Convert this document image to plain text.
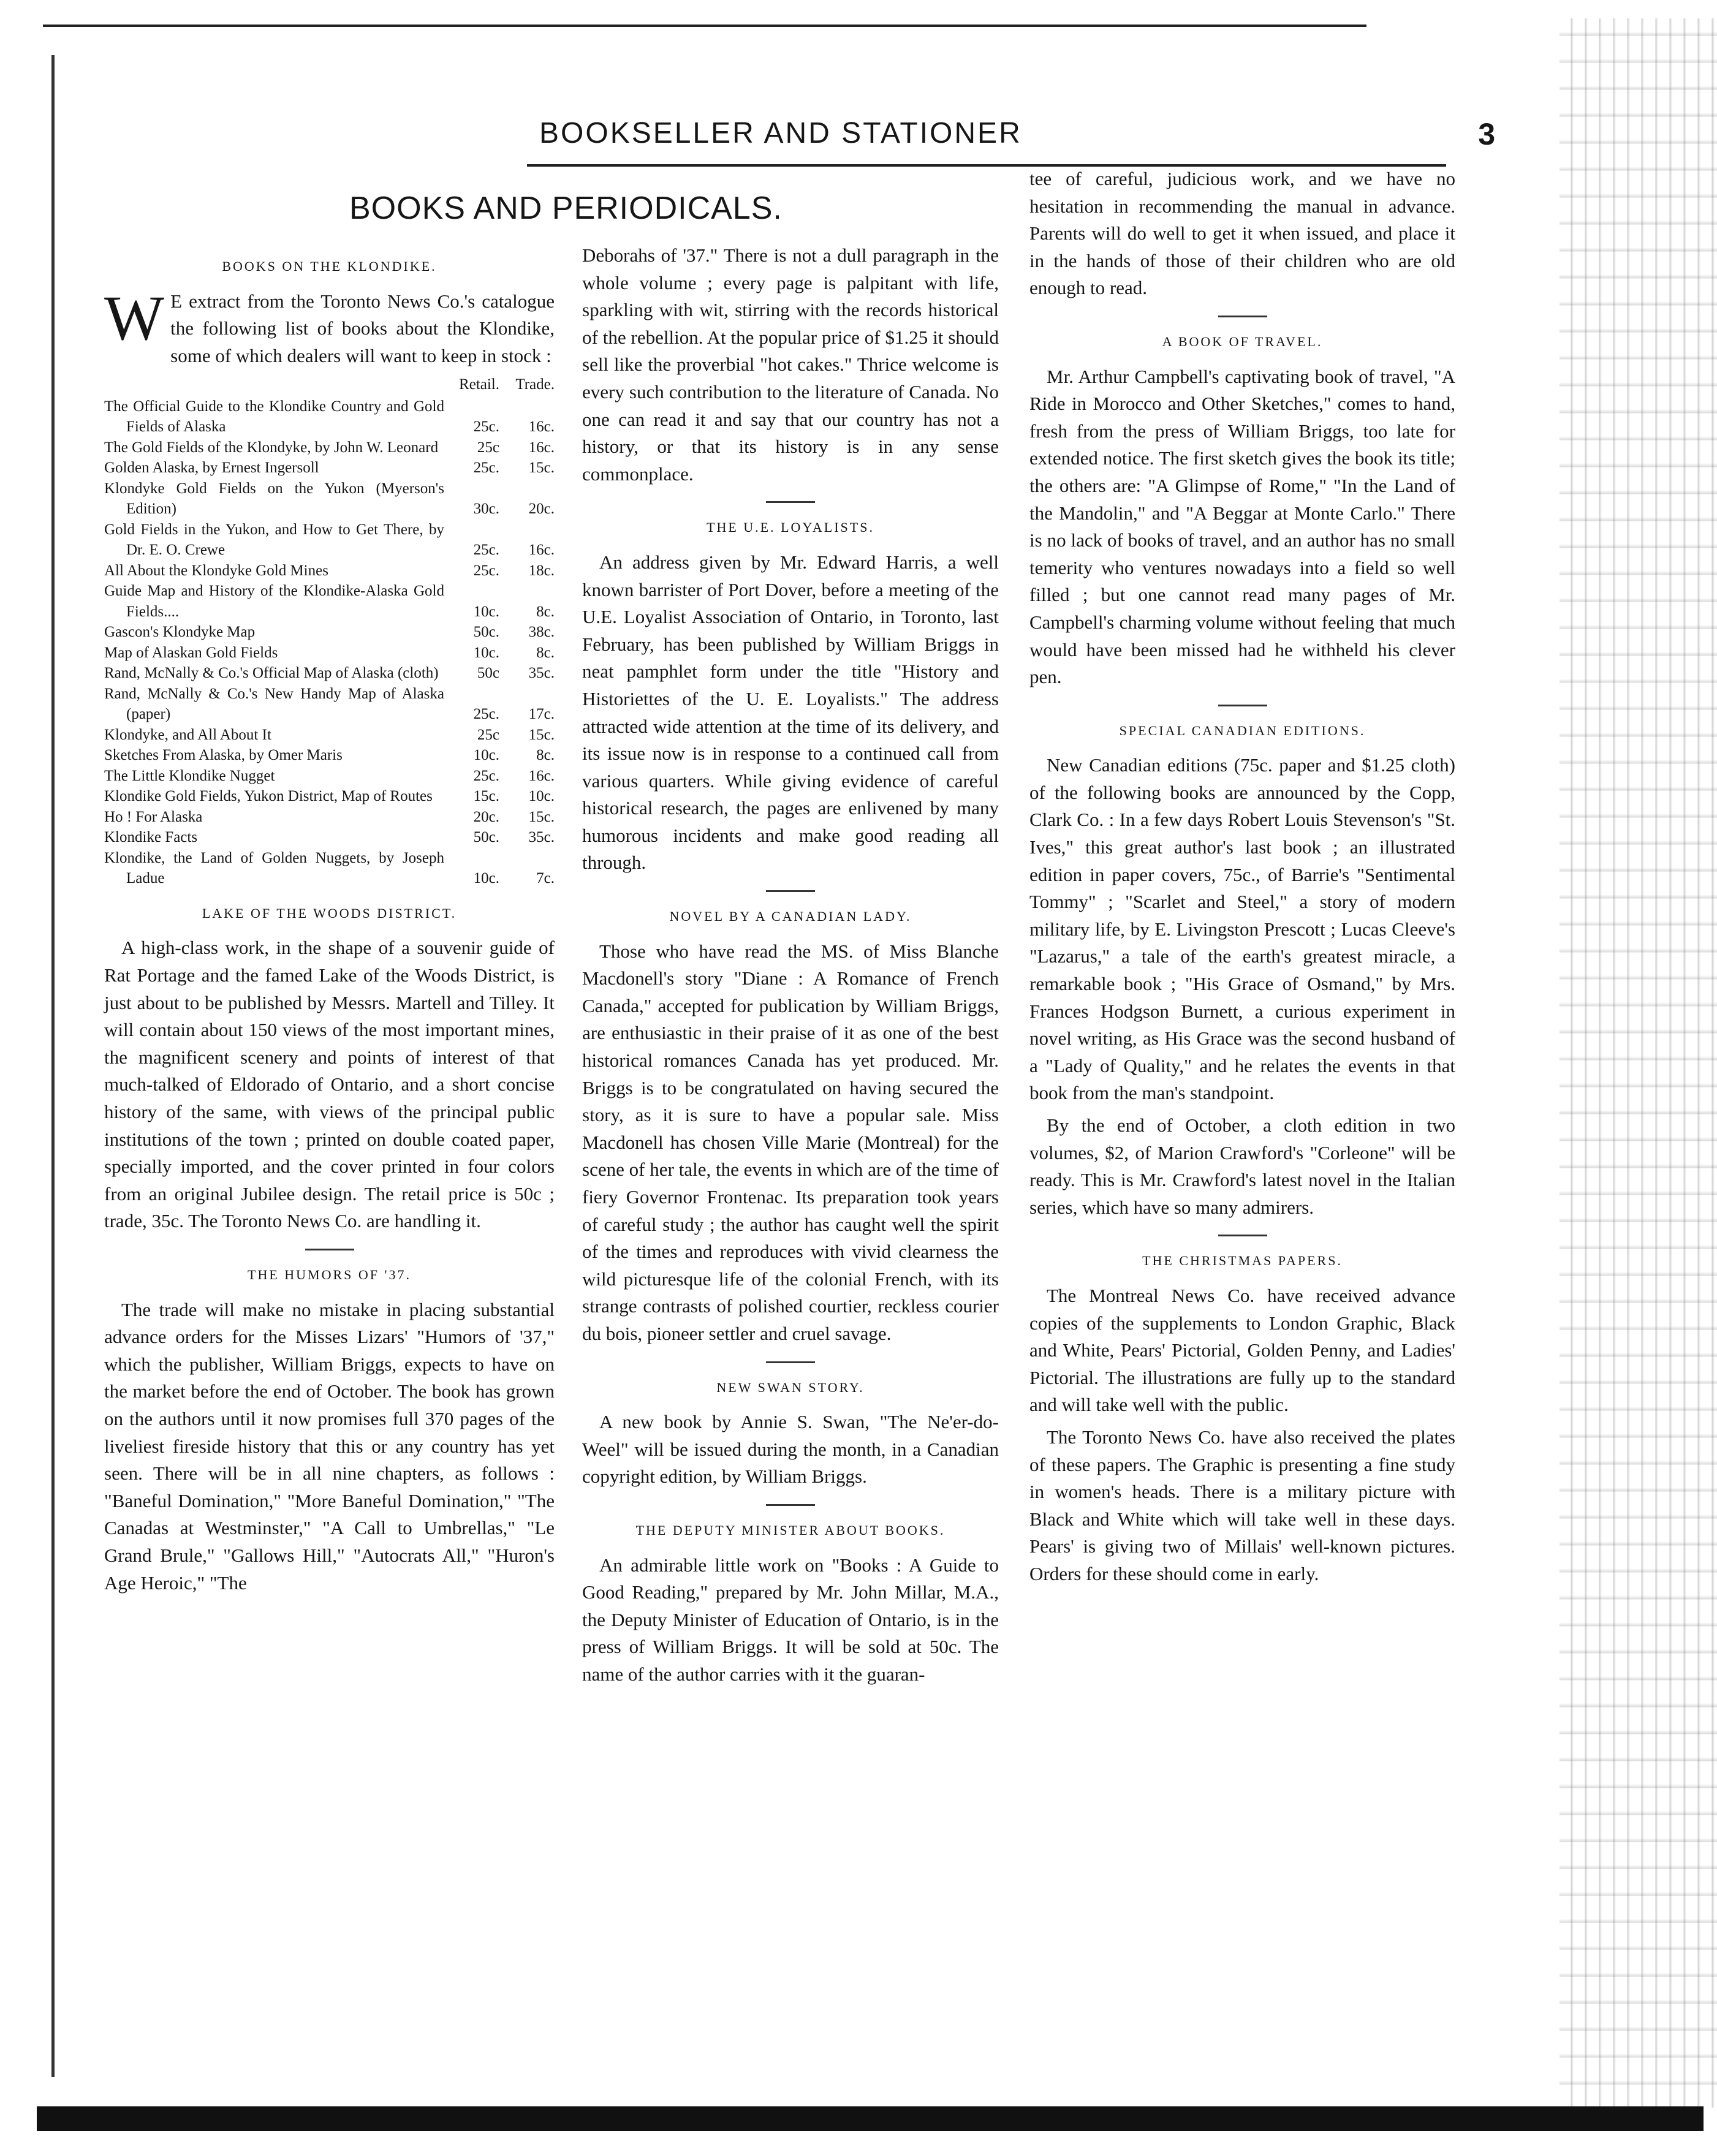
BOOKSELLER AND STATIONER	3
BOOKS AND PERIODICALS.
BOOKS ON THE KLONDIKE.

W E extract from the Toronto News Co.'s catalogue the following list of books about the Klondike, some of which dealers will want to keep in stock :

Retail.	Trade.
The Official Guide to the Klondike Country and Gold Fields of Alaska	25c.	16c.
The Gold Fields of the Klondyke, by John W. Leonard	25c	16c.
Golden Alaska, by Ernest Ingersoll	25c.	15c.
Klondyke Gold Fields on the Yukon (Myerson's Edition)	30c.	20c.
Gold Fields in the Yukon, and How to Get There, by Dr. E. O. Crewe	25c.	16c.
All About the Klondyke Gold Mines	25c.	18c.
Guide Map and History of the Klondike-Alaska Gold Fields....	10c.	8c.
Gascon's Klondyke Map	50c.	38c.
Map of Alaskan Gold Fields	10c.	8c.
Rand, McNally & Co.'s Official Map of Alaska (cloth)	50c	35c.
Rand, McNally & Co.'s New Handy Map of Alaska (paper)	25c.	17c.
Klondyke, and All About It	25c	15c.
Sketches From Alaska, by Omer Maris	10c.	8c.
The Little Klondike Nugget	25c.	16c.
Klondike Gold Fields, Yukon District, Map of Routes	15c.	10c.
Ho ! For Alaska	20c.	15c.
Klondike Facts	50c.	35c.
Klondike, the Land of Golden Nuggets, by Joseph Ladue	10c.	7c.
LAKE OF THE WOODS DISTRICT.

A high-class work, in the shape of a souvenir guide of Rat Portage and the famed Lake of the Woods District, is just about to be published by Messrs. Martell and Tilley. It will contain about 150 views of the most important mines, the magnificent scenery and points of interest of that much-talked of Eldorado of Ontario, and a short concise history of the same, with views of the principal public institutions of the town ; printed on double coated paper, specially imported, and the cover printed in four colors from an original Jubilee design. The retail price is 50c ; trade, 35c. The Toronto News Co. are handling it.

THE HUMORS OF '37.

The trade will make no mistake in placing substantial advance orders for the Misses Lizars' "Humors of '37," which the publisher, William Briggs, expects to have on the market before the end of October. The book has grown on the authors until it now promises full 370 pages of the liveliest fireside history that this or any country has yet seen. There will be in all nine chapters, as follows : "Baneful Domination," "More Baneful Domination," "The Canadas at Westminster," "A Call to Umbrellas," "Le Grand Brule," "Gallows Hill," "Autocrats All," "Huron's Age Heroic," "The

Deborahs of '37." There is not a dull paragraph in the whole volume ; every page is palpitant with life, sparkling with wit, stirring with the records historical of the rebellion. At the popular price of $1.25 it should sell like the proverbial "hot cakes." Thrice welcome is every such contribution to the literature of Canada. No one can read it and say that our country has not a history, or that its history is in any sense commonplace.

THE U.E. LOYALISTS.

An address given by Mr. Edward Harris, a well known barrister of Port Dover, before a meeting of the U.E. Loyalist Association of Ontario, in Toronto, last February, has been published by William Briggs in neat pamphlet form under the title "History and Historiettes of the U. E. Loyalists." The address attracted wide attention at the time of its delivery, and its issue now is in response to a continued call from various quarters. While giving evidence of careful historical research, the pages are enlivened by many humorous incidents and make good reading all through.

NOVEL BY A CANADIAN LADY.

Those who have read the MS. of Miss Blanche Macdonell's story "Diane : A Romance of French Canada," accepted for publication by William Briggs, are enthusiastic in their praise of it as one of the best historical romances Canada has yet produced. Mr. Briggs is to be congratulated on having secured the story, as it is sure to have a popular sale. Miss Macdonell has chosen Ville Marie (Montreal) for the scene of her tale, the events in which are of the time of fiery Governor Frontenac. Its preparation took years of careful study ; the author has caught well the spirit of the times and reproduces with vivid clearness the wild picturesque life of the colonial French, with its strange contrasts of polished courtier, reckless courier du bois, pioneer settler and cruel savage.

NEW SWAN STORY.

A new book by Annie S. Swan, "The Ne'er-do-Weel" will be issued during the month, in a Canadian copyright edition, by William Briggs.

THE DEPUTY MINISTER ABOUT BOOKS.

An admirable little work on "Books : A Guide to Good Reading," prepared by Mr. John Millar, M.A., the Deputy Minister of Education of Ontario, is in the press of William Briggs. It will be sold at 50c. The name of the author carries with it the guaran-

tee of careful, judicious work, and we have no hesitation in recommending the manual in advance. Parents will do well to get it when issued, and place it in the hands of those of their children who are old enough to read.

A BOOK OF TRAVEL.

Mr. Arthur Campbell's captivating book of travel, "A Ride in Morocco and Other Sketches," comes to hand, fresh from the press of William Briggs, too late for extended notice. The first sketch gives the book its title; the others are: "A Glimpse of Rome," "In the Land of the Mandolin," and "A Beggar at Monte Carlo." There is no lack of books of travel, and an author has no small temerity who ventures nowadays into a field so well filled ; but one cannot read many pages of Mr. Campbell's charming volume without feeling that much would have been missed had he withheld his clever pen.

SPECIAL CANADIAN EDITIONS.

New Canadian editions (75c. paper and $1.25 cloth) of the following books are announced by the Copp, Clark Co. : In a few days Robert Louis Stevenson's "St. Ives," this great author's last book ; an illustrated edition in paper covers, 75c., of Barrie's "Sentimental Tommy" ; "Scarlet and Steel," a story of modern military life, by E. Livingston Prescott ; Lucas Cleeve's "Lazarus," a tale of the earth's greatest miracle, a remarkable book ; "His Grace of Osmand," by Mrs. Frances Hodgson Burnett, a curious experiment in novel writing, as His Grace was the second husband of a "Lady of Quality," and he relates the events in that book from the man's standpoint.

By the end of October, a cloth edition in two volumes, $2, of Marion Crawford's "Corleone" will be ready. This is Mr. Crawford's latest novel in the Italian series, which have so many admirers.

THE CHRISTMAS PAPERS.

The Montreal News Co. have received advance copies of the supplements to London Graphic, Black and White, Pears' Pictorial, Golden Penny, and Ladies' Pictorial. The illustrations are fully up to the standard and will take well with the public.

The Toronto News Co. have also received the plates of these papers. The Graphic is presenting a fine study in women's heads. There is a military picture with Black and White which will take well in these days. Pears' is giving two of Millais' well-known pictures. Orders for these should come in early.
